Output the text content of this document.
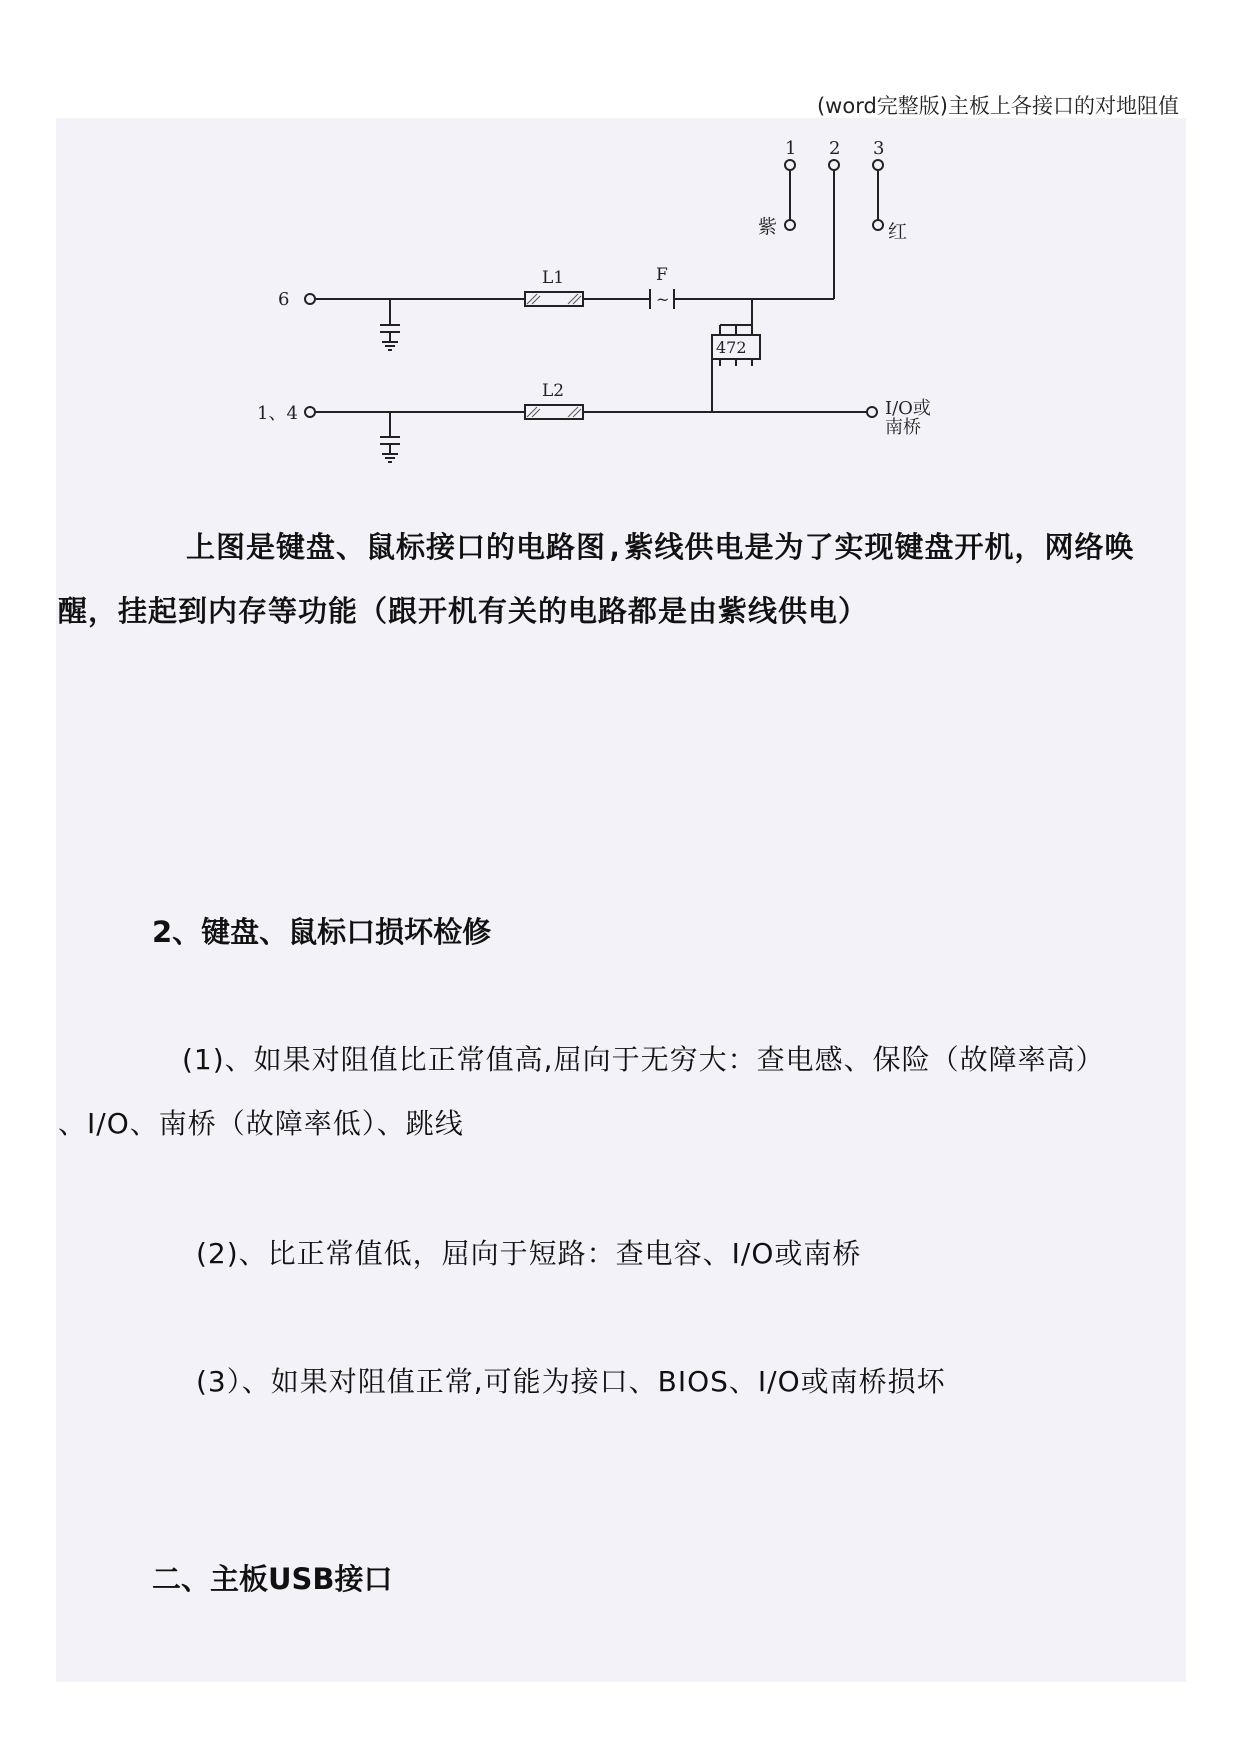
(word完整版)主板上各接口的对地阻值
1 2 3
紫	红
6
1、4
L1
L2
F
~
472
I/O或
南桥
上图是键盘、鼠标接口的电路图,紫线供电是为了实现键盘开机，网络唤醒，挂起到内存等功能（跟开机有关的电路都是由紫线供电）
2、键盘、鼠标口损坏检修
(1)、如果对阻值比正常值高,屈向于无穷大：查电感、保险（故障率高）
、I/O、南桥（故障率低）、跳线
(2)、比正常值低，屈向于短路：查电容、I/O或南桥
(3）、如果对阻值正常,可能为接口、BIOS、I/O或南桥损坏
二、主板USB接口
